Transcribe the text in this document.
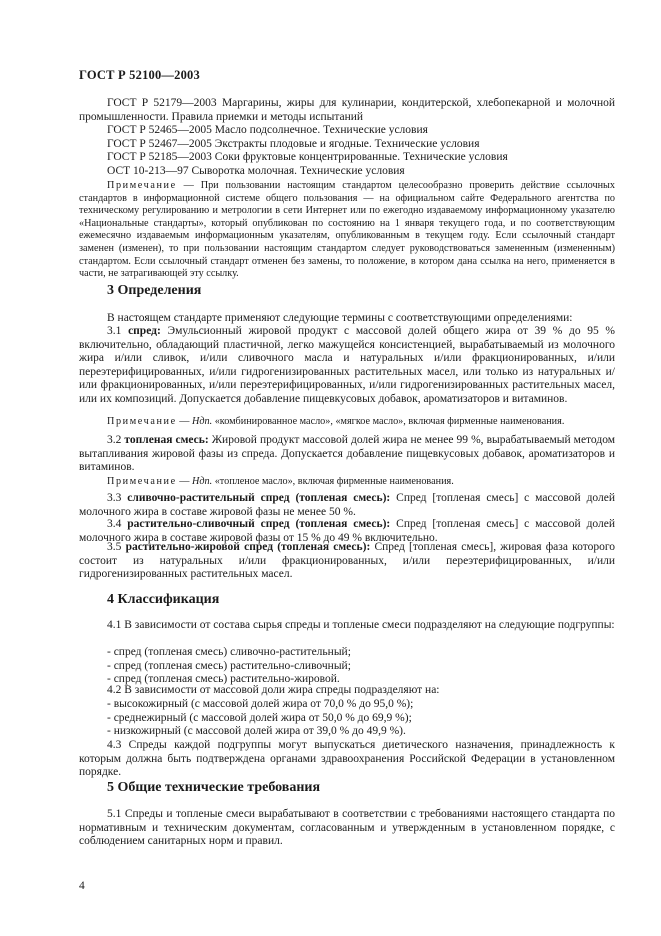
ГОСТ Р 52100—2003

ГОСТ Р 52179—2003 Маргарины, жиры для кулинарии, кондитерской, хлебопекарной и молочной промышленности. Правила приемки и методы испытаний

ГОСТ Р 52465—2005 Масло подсолнечное. Технические условия
ГОСТ Р 52467—2005 Экстракты плодовые и ягодные. Технические условия
ГОСТ Р 52185—2003 Соки фруктовые концентрированные. Технические условия
ОСТ 10-213—97 Сыворотка молочная. Технические условия

Примечание — При пользовании настоящим стандартом целесообразно проверить действие ссылочных стандартов в информационной системе общего пользования — на официальном сайте Федерального агентства по техническому регулированию и метрологии в сети Интернет или по ежегодно издаваемому информационному указателю «Национальные стандарты», который опубликован по состоянию на 1 января текущего года, и по соответствующим ежемесячно издаваемым информационным указателям, опубликованным в текущем году. Если ссылочный стандарт заменен (изменен), то при пользовании настоящим стандартом следует руководствоваться замененным (измененным) стандартом. Если ссылочный стандарт отменен без замены, то положение, в котором дана ссылка на него, применяется в части, не затрагивающей эту ссылку.

3 Определения

В настоящем стандарте применяют следующие термины с соответствующими определениями:

3.1 спред: Эмульсионный жировой продукт с массовой долей общего жира от 39 % до 95 % включительно, обладающий пластичной, легко мажущейся консистенцией, вырабатываемый из молочного жира и/или сливок, и/или сливочного масла и натуральных и/или фракционированных, и/или переэтерифицированных, и/или гидрогенизированных растительных масел, или только из натуральных и/или фракционированных, и/или переэтерифицированных, и/или гидрогенизированных растительных масел, или их композиций. Допускается добавление пищевкусовых добавок, ароматизаторов и витаминов.

Примечание — Ндп. «комбинированное масло», «мягкое масло», включая фирменные наименования.

3.2 топленая смесь: Жировой продукт массовой долей жира не менее 99 %, вырабатываемый методом вытапливания жировой фазы из спреда. Допускается добавление пищевкусовых добавок, ароматизаторов и витаминов.

Примечание — Ндп. «топленое масло», включая фирменные наименования.

3.3 сливочно-растительный спред (топленая смесь): Спред [топленая смесь] с массовой долей молочного жира в составе жировой фазы не менее 50 %.

3.4 растительно-сливочный спред (топленая смесь): Спред [топленая смесь] с массовой долей молочного жира в составе жировой фазы от 15 % до 49 % включительно.

3.5 растительно-жировой спред (топленая смесь): Спред [топленая смесь], жировая фаза которого состоит из натуральных и/или фракционированных, и/или переэтерифицированных, и/или гидрогенизированных растительных масел.

4 Классификация

4.1 В зависимости от состава сырья спреды и топленые смеси подразделяют на следующие подгруппы:

- спред (топленая смесь) сливочно-растительный;
- спред (топленая смесь) растительно-сливочный;
- спред (топленая смесь) растительно-жировой.

4.2 В зависимости от массовой доли жира спреды подразделяют на:

- высокожирный (с массовой долей жира от 70,0 % до 95,0 %);
- среднежирный (с массовой долей жира от 50,0 % до 69,9 %);
- низкожирный (с массовой долей жира от 39,0 % до 49,9 %).

4.3 Спреды каждой подгруппы могут выпускаться диетического назначения, принадлежность к которым должна быть подтверждена органами здравоохранения Российской Федерации в установленном порядке.

5 Общие технические требования

5.1 Спреды и топленые смеси вырабатывают в соответствии с требованиями настоящего стандарта по нормативным и техническим документам, согласованным и утвержденным в установленном порядке, с соблюдением санитарных норм и правил.

4
